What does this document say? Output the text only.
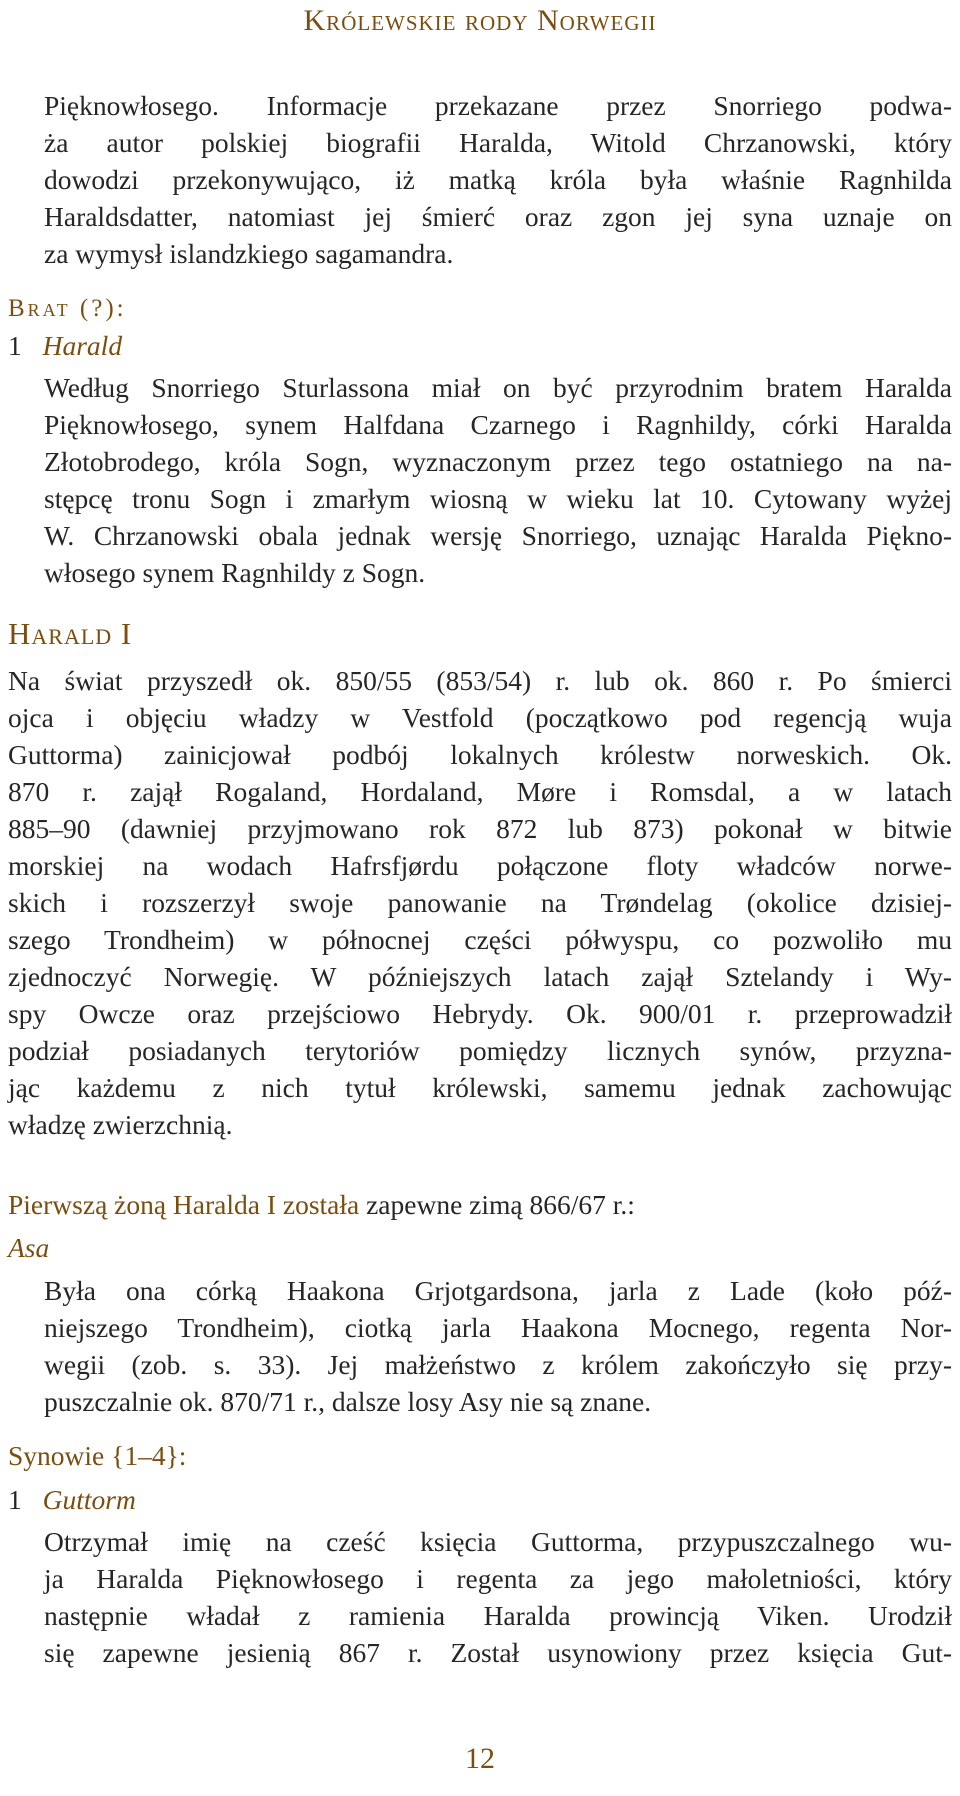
Królewskie rody Norwegii
Pięknowłosego. Informacje przekazane przez Snorriego podwa-
ża autor polskiej biografii Haralda, Witold Chrzanowski, który
dowodzi przekonywująco, iż matką króla była właśnie Ragnhilda
Haraldsdatter, natomiast jej śmierć oraz zgon jej syna uznaje on
za wymysł islandzkiego sagamandra.
Brat (?):
1 Harald
Według Snorriego Sturlassona miał on być przyrodnim bratem Haralda
Pięknowłosego, synem Halfdana Czarnego i Ragnhildy, córki Haralda
Złotobrodego, króla Sogn, wyznaczonym przez tego ostatniego na na-
stępcę tronu Sogn i zmarłym wiosną w wieku lat 10. Cytowany wyżej
W. Chrzanowski obala jednak wersję Snorriego, uznając Haralda Piękno-
włosego synem Ragnhildy z Sogn.
Harald I
Na świat przyszedł ok. 850/55 (853/54) r. lub ok. 860 r. Po śmierci
ojca i objęciu władzy w Vestfold (początkowo pod regencją wuja
Guttorma) zainicjował podbój lokalnych królestw norweskich. Ok.
870 r. zajął Rogaland, Hordaland, Møre i Romsdal, a w latach
885–90 (dawniej przyjmowano rok 872 lub 873) pokonał w bitwie
morskiej na wodach Hafrsfjørdu połączone floty władców norwe-
skich i rozszerzył swoje panowanie na Trøndelag (okolice dzisiej-
szego Trondheim) w północnej części półwyspu, co pozwoliło mu
zjednoczyć Norwegię. W późniejszych latach zajął Sztelandy i Wy-
spy Owcze oraz przejściowo Hebrydy. Ok. 900/01 r. przeprowadził
podział posiadanych terytoriów pomiędzy licznych synów, przyzna-
jąc każdemu z nich tytuł królewski, samemu jednak zachowując
władzę zwierzchnią.
Pierwszą żoną Haralda I została zapewne zimą 866/67 r.:
Asa
Była ona córką Haakona Grjotgardsona, jarla z Lade (koło póź-
niejszego Trondheim), ciotką jarla Haakona Mocnego, regenta Nor-
wegii (zob. s. 33). Jej małżeństwo z królem zakończyło się przy-
puszczalnie ok. 870/71 r., dalsze losy Asy nie są znane.
Synowie {1–4}:
1 Guttorm
Otrzymał imię na cześć księcia Guttorma, przypuszczalnego wu-
ja Haralda Pięknowłosego i regenta za jego małoletniości, który
następnie władał z ramienia Haralda prowincją Viken. Urodził
się zapewne jesienią 867 r. Został usynowiony przez księcia Gut-
12
